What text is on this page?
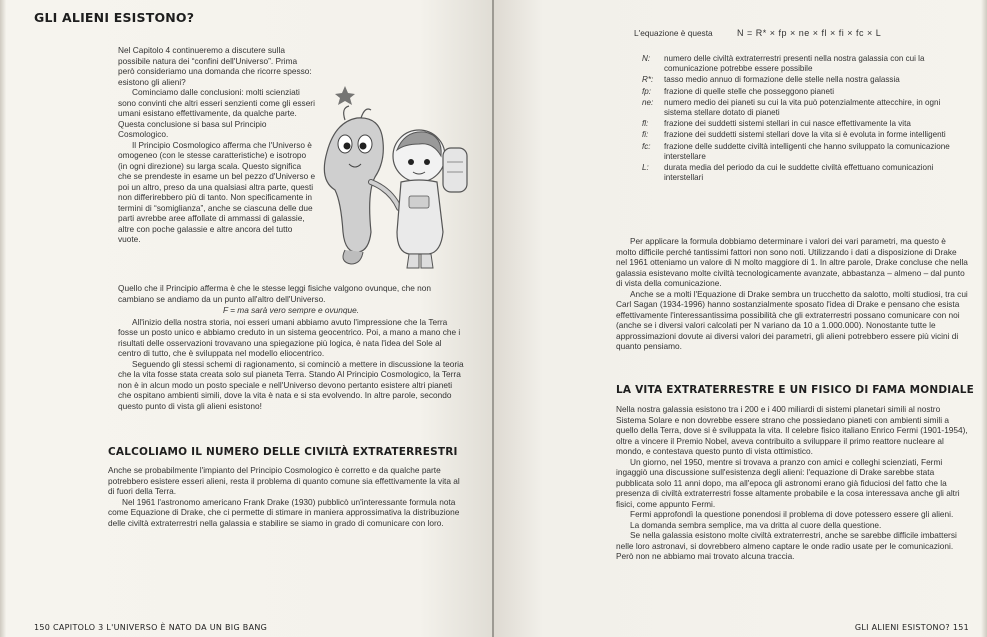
GLI ALIENI ESISTONO?

Nel Capitolo 4 continueremo a discutere sulla possibile natura dei “confini dell'Universo”. Prima però consideriamo una domanda che ricorre spesso: esistono gli alieni?

Cominciamo dalle conclusioni: molti scienziati sono convinti che altri esseri senzienti come gli esseri umani esistano effettivamente, da qualche parte. Questa conclusione si basa sul Principio Cosmologico.

Il Principio Cosmologico afferma che l'Universo è omogeneo (con le stesse caratteristiche) e isotropo (in ogni direzione) su larga scala. Questo significa che se prendeste in esame un bel pezzo d'Universo e poi un altro, preso da una qualsiasi altra parte, questi non differirebbero più di tanto. Non specificamente in termini di “somiglianza”, anche se ciascuna delle due parti avrebbe aree affollate di ammassi di galassie, altre con poche galassie e altre ancora del tutto vuote.

Quello che il Principio afferma è che le stesse leggi fisiche valgono ovunque, che non cambiano se andiamo da un punto all'altro dell'Universo.

F = ma sarà vero sempre e ovunque.

All'inizio della nostra storia, noi esseri umani abbiamo avuto l'impressione che la Terra fosse un posto unico e abbiamo creduto in un sistema geocentrico. Poi, a mano a mano che i risultati delle osservazioni trovavano una spiegazione più logica, è nata l'idea del Sole al centro di tutto, che è sviluppata nel modello eliocentrico.

Seguendo gli stessi schemi di ragionamento, si cominciò a mettere in discussione la teoria che la vita fosse stata creata solo sul pianeta Terra. Stando Al Principio Cosmologico, la Terra non è in alcun modo un posto speciale e nell'Universo devono pertanto esistere altri pianeti che ospitano ambienti simili, dove la vita è nata e si sta evolvendo. In altre parole, secondo questo punto di vista gli alieni esistono!

CALCOLIAMO IL NUMERO DELLE CIVILTÀ EXTRATERRESTRI

Anche se probabilmente l'impianto del Principio Cosmologico è corretto e da qualche parte potrebbero esistere esseri alieni, resta il problema di quanto comune sia effettivamente la vita al di fuori della Terra.

Nel 1961 l'astronomo americano Frank Drake (1930) pubblicò un'interessante formula nota come Equazione di Drake, che ci permette di stimare in maniera approssimativa la distribuzione delle civiltà extraterrestri nella galassia e stabilire se siamo in grado di comunicare con loro.

150 CAPITOLO 3 L'UNIVERSO È NATO DA UN BIG BANG
L'equazione è questa	N = R* × fp × ne × fl × fi × fc × L
N:	numero delle civiltà extraterrestri presenti nella nostra galassia con cui la comunicazione potrebbe essere possibile
R*:	tasso medio annuo di formazione delle stelle nella nostra galassia
fp:	frazione di quelle stelle che posseggono pianeti
ne:	numero medio dei pianeti su cui la vita può potenzialmente attecchire, in ogni sistema stellare dotato di pianeti
fl:	frazione dei suddetti sistemi stellari in cui nasce effettivamente la vita
fi:	frazione dei suddetti sistemi stellari dove la vita si è evoluta in forme intelligenti
fc:	frazione delle suddette civiltà intelligenti che hanno sviluppato la comunicazione interstellare
L:	durata media del periodo da cui le suddette civiltà effettuano comunicazioni interstellari

Per applicare la formula dobbiamo determinare i valori dei vari parametri, ma questo è molto difficile perché tantissimi fattori non sono noti. Utilizzando i dati a disposizione di Drake nel 1961 otteniamo un valore di N molto maggiore di 1. In altre parole, Drake concluse che nella galassia esistevano molte civiltà tecnologicamente avanzate, abbastanza – almeno – dal punto di vista della comunicazione.

Anche se a molti l'Equazione di Drake sembra un trucchetto da salotto, molti studiosi, tra cui Carl Sagan (1934-1996) hanno sostanzialmente sposato l'idea di Drake e pensano che esista effettivamente l'interessantissima possibilità che gli extraterrestri possano comunicare con noi (anche se i diversi valori calcolati per N variano da 10 a 1.000.000). Nonostante tutte le approssimazioni dovute ai diversi valori dei parametri, gli alieni potrebbero essere più vicini di quanto pensiamo.

LA VITA EXTRATERRESTRE E UN FISICO DI FAMA MONDIALE

Nella nostra galassia esistono tra i 200 e i 400 miliardi di sistemi planetari simili al nostro Sistema Solare e non dovrebbe essere strano che possiedano pianeti con ambienti simili a quello della Terra, dove si è sviluppata la vita. Il celebre fisico italiano Enrico Fermi (1901-1954), oltre a vincere il Premio Nobel, aveva contribuito a sviluppare il primo reattore nucleare al mondo, e contestava questo punto di vista ottimistico.

Un giorno, nel 1950, mentre si trovava a pranzo con amici e colleghi scienziati, Fermi ingaggiò una discussione sull'esistenza degli alieni: l'equazione di Drake sarebbe stata pubblicata solo 11 anni dopo, ma all'epoca gli astronomi erano già fiduciosi del fatto che la presenza di civiltà extraterrestri fosse altamente probabile e la cosa interessava anche gli altri fisici, come appunto Fermi.

Fermi approfondì la questione ponendosi il problema di dove potessero essere gli alieni.

La domanda sembra semplice, ma va dritta al cuore della questione.

Se nella galassia esistono molte civiltà extraterrestri, anche se sarebbe difficile imbattersi nelle loro astronavi, si dovrebbero almeno captare le onde radio usate per le comunicazioni. Però non ne abbiamo mai trovato alcuna traccia.

GLI ALIENI ESISTONO? 151
